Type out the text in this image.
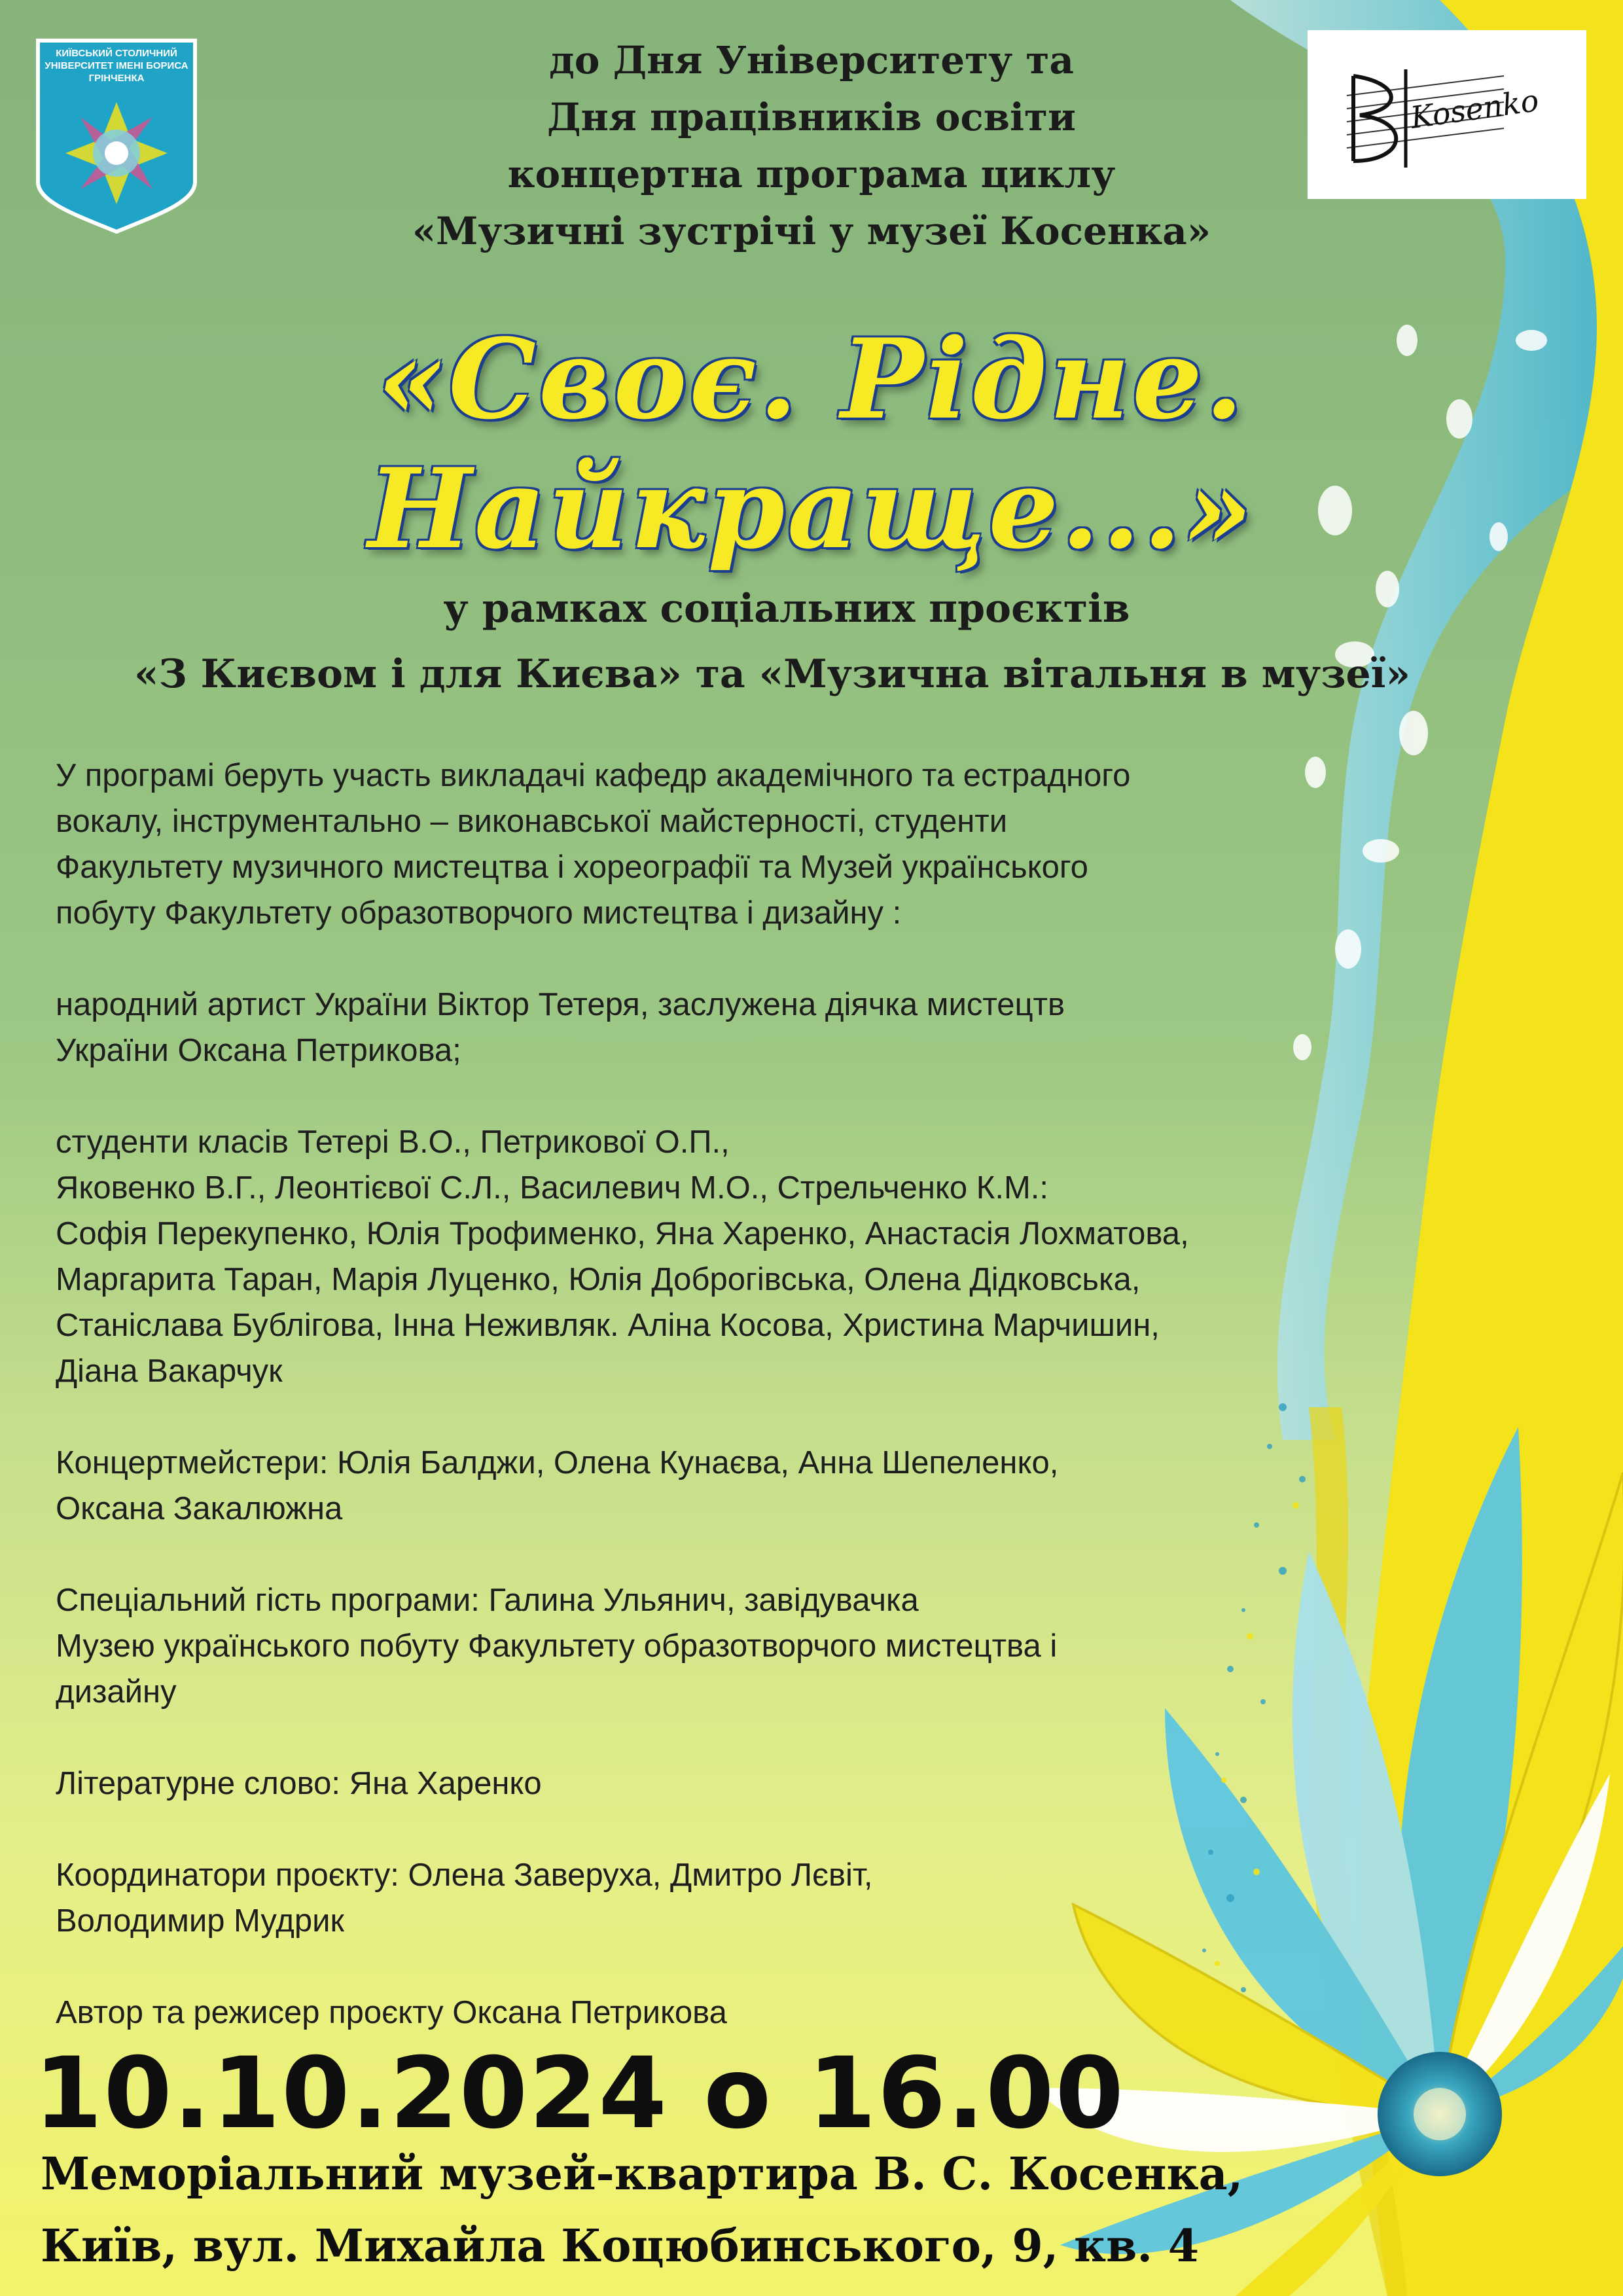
КИЇВСЬКИЙ СТОЛИЧНИЙ УНІВЕРСИТЕТ ІМЕНІ БОРИСА ГРІНЧЕНКА
Kosenko
до Дня Університету та
Дня працівників освіти
концертна програма циклу
«Музичні зустрічі у музеї Косенка»
«Своє. Рідне. Найкраще...»
у рамках соціальних проєктів
«З Києвом і для Києва» та «Музична вітальня в музеї»

У програмі беруть участь викладачі кафедр академічного та естрадного
вокалу, інструментально – виконавської майстерності, студенти
Факультету музичного мистецтва і хореографії та Музей українського
побуту Факультету образотворчого мистецтва і дизайну :

народний артист України Віктор Тетеря, заслужена діячка мистецтв
України Оксана Петрикова;

студенти класів Тетері В.О., Петрикової О.П.,
Яковенко В.Г., Леонтієвої С.Л., Василевич М.О., Стрельченко К.М.:
Софія Перекупенко, Юлія Трофименко, Яна Харенко, Анастасія Лохматова,
Маргарита Таран, Марія Луценко, Юлія Доброгівська, Олена Дідковська,
Станіслава Бублігова, Інна Неживляк. Аліна Косова, Христина Марчишин,
Діана Вакарчук

Концертмейстери: Юлія Балджи, Олена Кунаєва, Анна Шепеленко,
Оксана Закалюжна

Спеціальний гість програми: Галина Ульянич, завідувачка
Музею українського побуту Факультету образотворчого мистецтва і
дизайну

Літературне слово: Яна Харенко

Координатори проєкту: Олена Заверуха, Дмитро Лєвіт,
Володимир Мудрик

Автор та режисер проєкту Оксана Петрикова

10.10.2024 о 16.00
Меморіальний музей-квартира В. С. Косенка,
Київ, вул. Михайла Коцюбинського, 9, кв. 4
